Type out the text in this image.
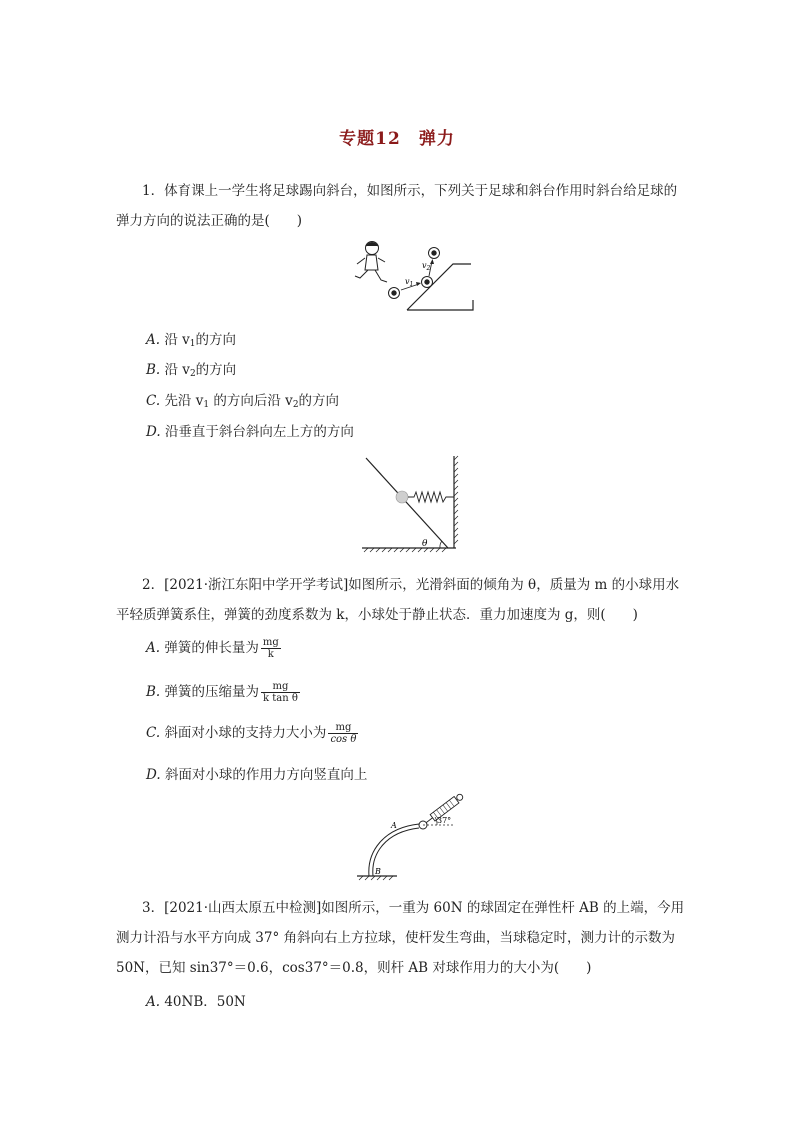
专题12　弹力

1．体育课上一学生将足球踢向斜台，如图所示，下列关于足球和斜台作用时斜台给足球的弹力方向的说法正确的是(　　)

$v_1$
$v_2$
A. 沿 $v_1$的方向
B. 沿 $v_2$的方向
C. 先沿 $v_1$ 的方向后沿 $v_2$的方向
D. 沿垂直于斜台斜向左上方的方向
θ

2．[2021·浙江东阳中学开学考试]如图所示，光滑斜面的倾角为 θ，质量为 m 的小球用水平轻质弹簧系住，弹簧的劲度系数为 k，小球处于静止状态．重力加速度为 g，则(　　)

A. 弹簧的伸长量为 $\frac{mg}{k}$
B. 弹簧的压缩量为 $\frac{mg}{\text{k tan θ}}$
C. 斜面对小球的支持力大小为 $\frac{mg}{\text{cos θ}}$
D. 斜面对小球的作用力方向竖直向上
37°
A
B

3．[2021·山西太原五中检测]如图所示，一重为 60N 的球固定在弹性杆 AB 的上端，今用测力计沿与水平方向成 37° 角斜向右上方拉球，使杆发生弯曲，当球稳定时，测力计的示数为 50N，已知 sin37°＝0.6，cos37°＝0.8，则杆 AB 对球作用力的大小为(　　)

A. 40NB．50N
